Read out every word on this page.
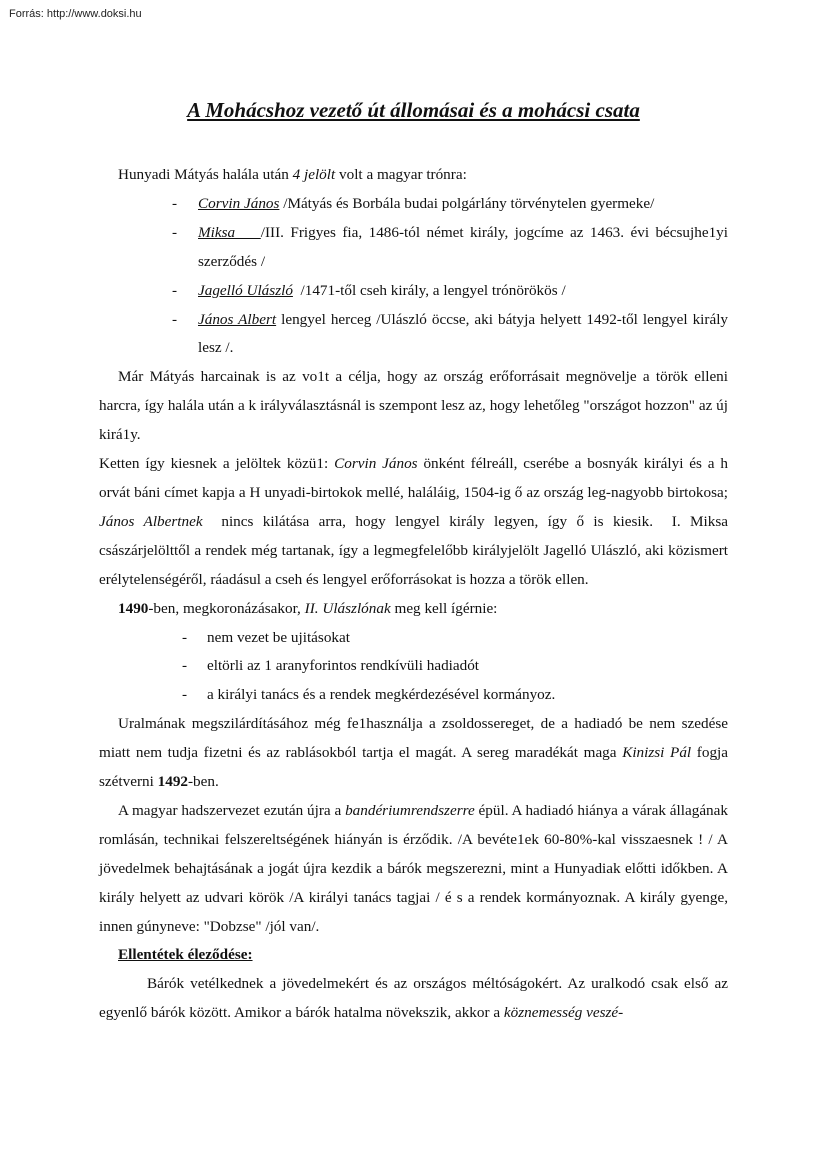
Forrás: http://www.doksi.hu
A Mohácshoz vezető út állomásai és a mohácsi csata

Hunyadi Mátyás halála után 4 jelölt volt a magyar trónra:

- Corvin János /Mátyás és Borbála budai polgárlány törvénytelen gyermeke/
- Miksa    /III. Frigyes fia, 1486-tól német király, jogcíme az 1463. évi bécsujhe1yi szerződés /
- Jagelló Ulászló  /1471-től cseh király, a lengyel trónörökös /
- János Albert lengyel herceg /Ulászló öccse, aki bátyja helyett 1492-től lengyel király lesz /.

Már Mátyás harcainak is az vo1t a célja, hogy az ország erőforrásait megnövelje a török elleni harcra, így halála után a k irályválasztásnál is szempont lesz az, hogy lehetőleg "országot hozzon" az új kirá1y.

Ketten így kiesnek a jelöltek közü1: Corvin János önként félreáll, cserébe a bosnyák királyi és a h orvát báni címet kapja a H unyadi-birtokok mellé, haláláig, 1504-ig ő az ország leg-nagyobb birtokosa; János Albertnek  nincs kilátása arra, hogy lengyel király legyen, így ő is kiesik.  I. Miksa császárjelölttől a rendek még tartanak, így a legmegfelelőbb királyjelölt Jagelló Ulászló, aki közismert erélytelenségéről, ráadásul a cseh és lengyel erőforrásokat is hozza a török ellen.

1490-ben, megkoronázásakor, II. Ulászlónak meg kell ígérnie:

- nem vezet be ujitásokat
- eltörli az 1 aranyforintos rendkívüli hadiadót
- a királyi tanács és a rendek megkérdezésével kormányoz.

Uralmának megszilárdításához még fe1használja a zsoldossereget, de a hadiadó be nem szedése miatt nem tudja fizetni és az rablásokból tartja el magát. A sereg maradékát maga Kinizsi Pál fogja szétverni 1492-ben.

A magyar hadszervezet ezután újra a bandériumrendszerre épül. A hadiadó hiánya a várak állagának romlásán, technikai felszereltségének hiányán is érződik. /A bevéte1ek 60-80%-kal visszaesnek ! / A jövedelmek behajtásának a jogát újra kezdik a bárók megszerezni, mint a Hunyadiak előtti időkben. A király helyett az udvari körök /A királyi tanács tagjai / é s a rendek kormányoznak. A király gyenge, innen gúnyneve: "Dobzse" /jól van/.

Ellentétek éleződése:

Bárók vetélkednek a jövedelmekért és az országos méltóságokért. Az uralkodó csak első az egyenlő bárók között. Amikor a bárók hatalma növekszik, akkor a köznemesség veszé-
